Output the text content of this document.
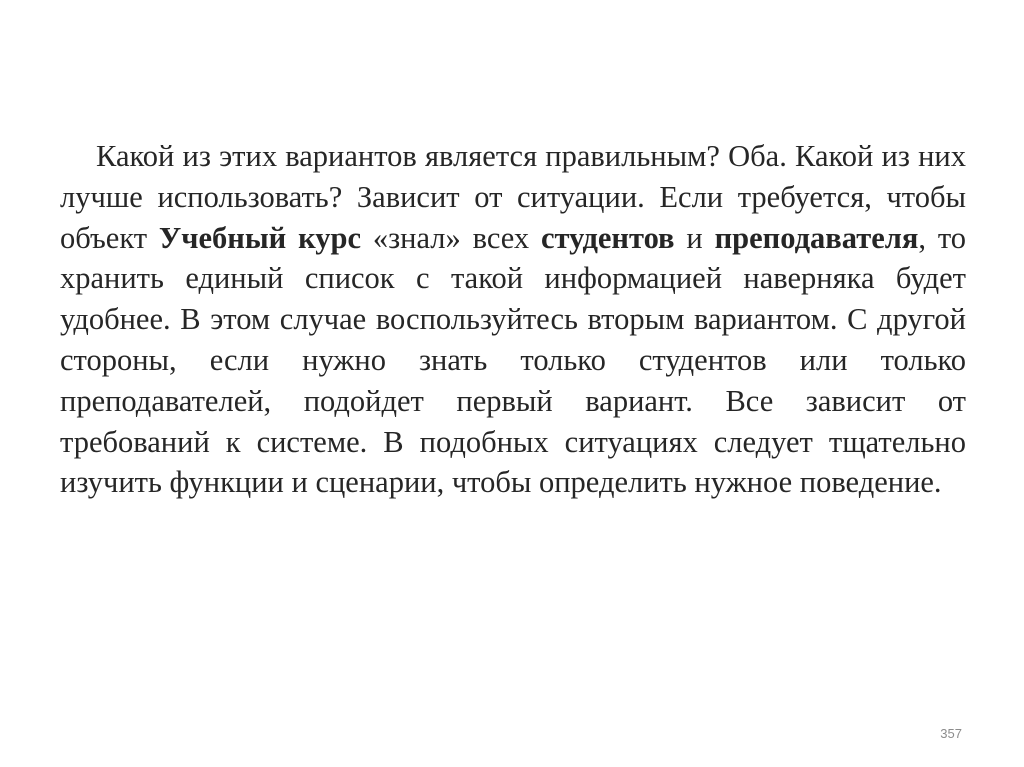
Какой из этих вариантов является правильным? Оба. Какой из них лучше использовать? Зависит от ситуации. Если требуется, чтобы объект Учебный курс «знал» всех студентов и преподавателя, то хранить единый список с такой информацией наверняка будет удобнее. В этом случае воспользуйтесь вторым вариантом. С другой стороны, если нужно знать только студентов или только преподавателей, подойдет первый вариант. Все зависит от требований к системе. В подобных ситуациях следует тщательно изучить функции и сценарии, чтобы определить нужное поведение.

357
